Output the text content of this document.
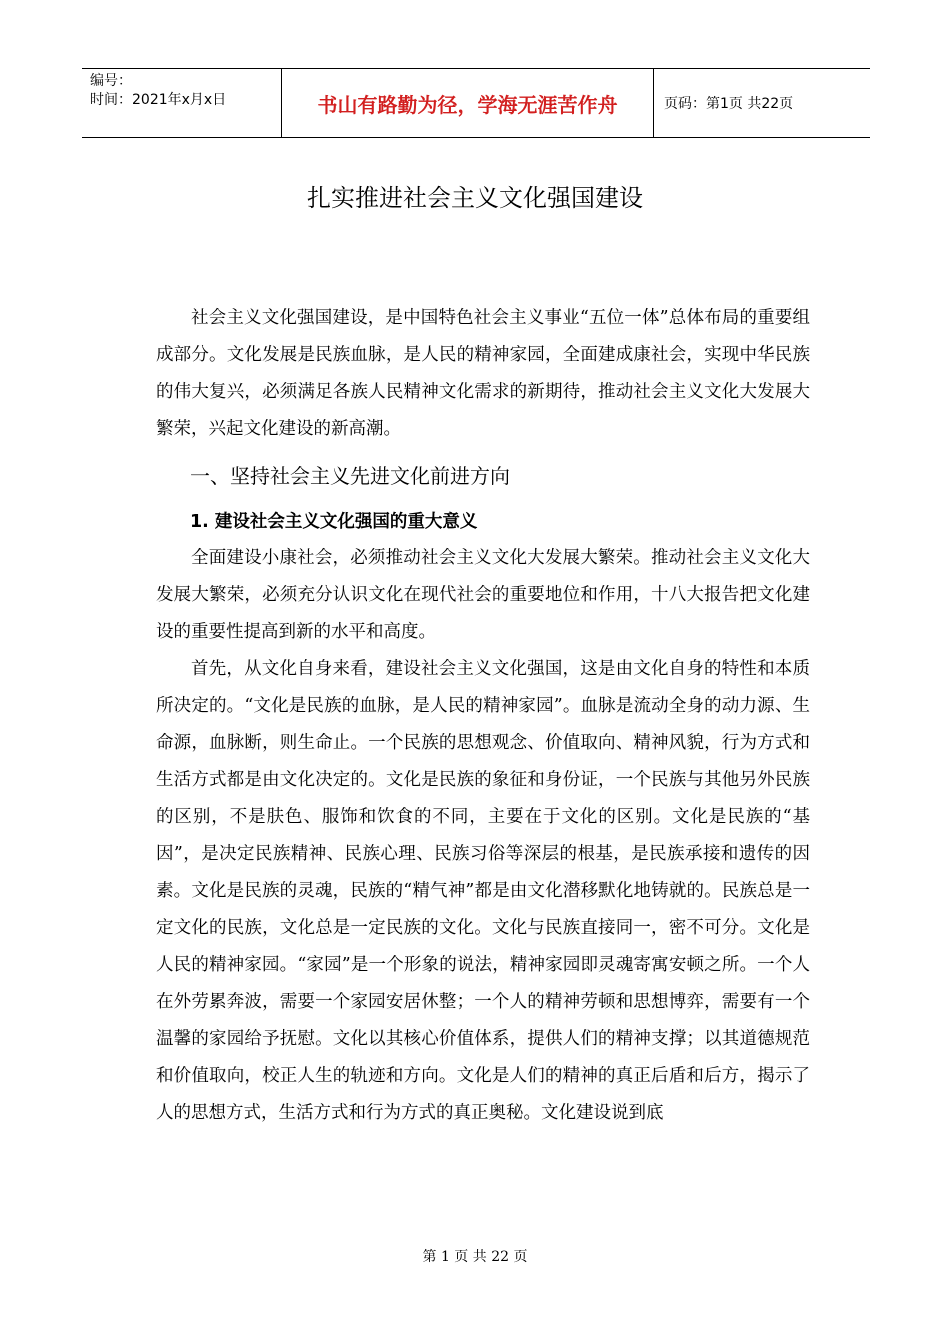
编号：
时间：2021年x月x日	书山有路勤为径，学海无涯苦作舟	页码：第1页 共22页
扎实推进社会主义文化强国建设

社会主义文化强国建设，是中国特色社会主义事业“五位一体”总体布局的重要组成部分。文化发展是民族血脉，是人民的精神家园，全面建成康社会，实现中华民族的伟大复兴，必须满足各族人民精神文化需求的新期待，推动社会主义文化大发展大繁荣，兴起文化建设的新高潮。

一、坚持社会主义先进文化前进方向
1. 建设社会主义文化强国的重大意义

全面建设小康社会，必须推动社会主义文化大发展大繁荣。推动社会主义文化大发展大繁荣，必须充分认识文化在现代社会的重要地位和作用，十八大报告把文化建设的重要性提高到新的水平和高度。

首先，从文化自身来看，建设社会主义文化强国，这是由文化自身的特性和本质所决定的。“文化是民族的血脉，是人民的精神家园”。血脉是流动全身的动力源、生命源，血脉断，则生命止。一个民族的思想观念、价值取向、精神风貌，行为方式和生活方式都是由文化决定的。文化是民族的象征和身份证，一个民族与其他另外民族的区别，不是肤色、服饰和饮食的不同，主要在于文化的区别。文化是民族的“基因”，是决定民族精神、民族心理、民族习俗等深层的根基，是民族承接和遗传的因素。文化是民族的灵魂，民族的“精气神”都是由文化潜移默化地铸就的。民族总是一定文化的民族，文化总是一定民族的文化。文化与民族直接同一，密不可分。文化是人民的精神家园。“家园”是一个形象的说法，精神家园即灵魂寄寓安顿之所。一个人在外劳累奔波，需要一个家园安居休整；一个人的精神劳顿和思想博弈，需要有一个温馨的家园给予抚慰。文化以其核心价值体系，提供人们的精神支撑；以其道德规范和价值取向，校正人生的轨迹和方向。文化是人们的精神的真正后盾和后方，揭示了人的思想方式，生活方式和行为方式的真正奥秘。文化建设说到底

第 1 页 共 22 页
